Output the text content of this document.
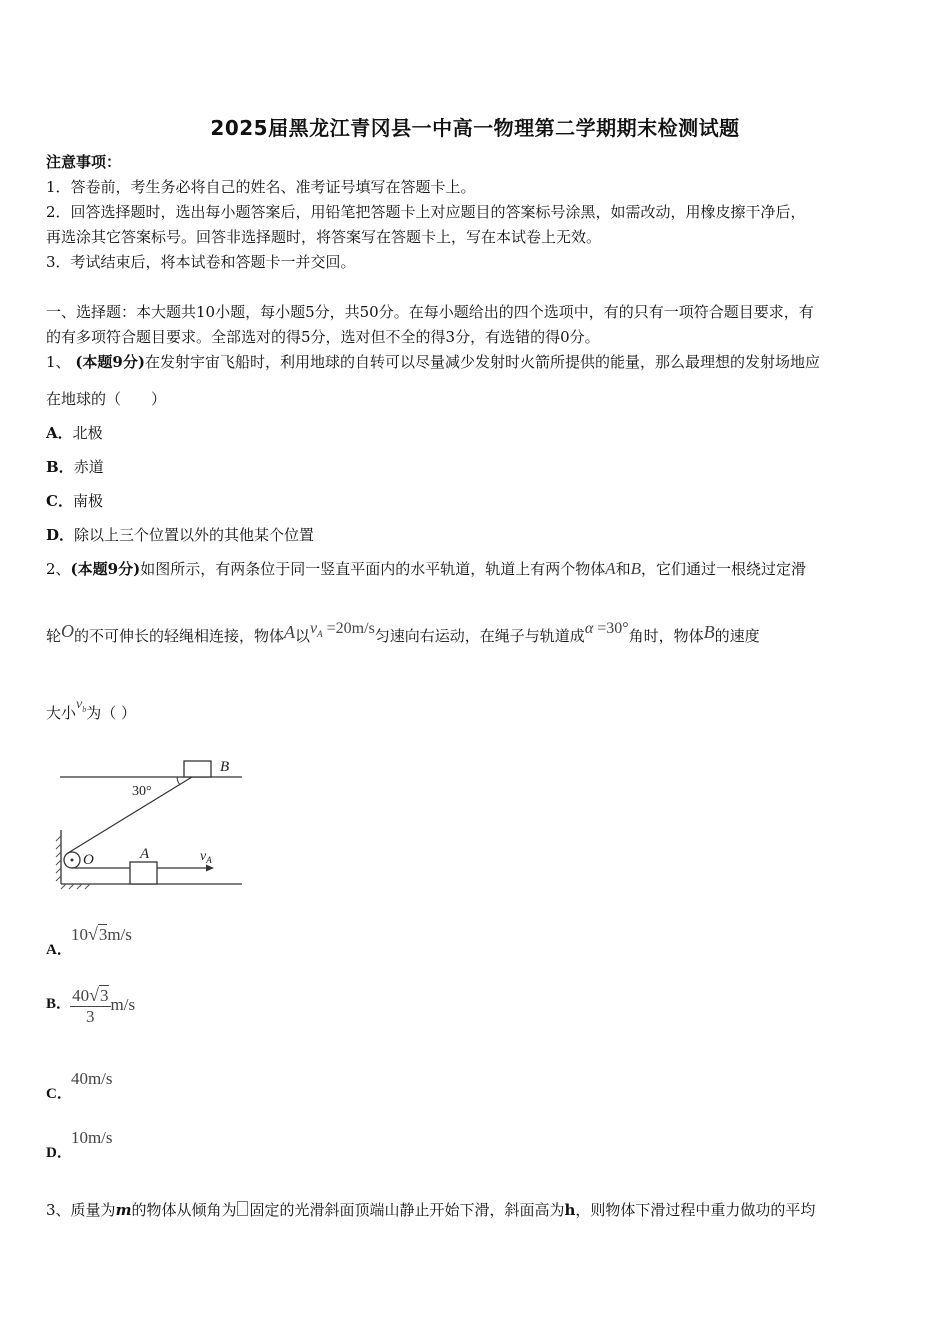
2025届黑龙江青冈县一中高一物理第二学期期末检测试题
注意事项：
1．答卷前，考生务必将自己的姓名、准考证号填写在答题卡上。
2．回答选择题时，选出每小题答案后，用铅笔把答题卡上对应题目的答案标号涂黑，如需改动，用橡皮擦干净后，
再选涂其它答案标号。回答非选择题时，将答案写在答题卡上，写在本试卷上无效。
3．考试结束后，将本试卷和答题卡一并交回。
一、选择题：本大题共10小题，每小题5分，共50分。在每小题给出的四个选项中，有的只有一项符合题目要求，有
的有多项符合题目要求。全部选对的得5分，选对但不全的得3分，有选错的得0分。
1、 (本题9分)在发射宇宙飞船时，利用地球的自转可以尽量减少发射时火箭所提供的能量，那么最理想的发射场地应
在地球的（　　）
A．北极
B．赤道
C．南极
D．除以上三个位置以外的其他某个位置
2、(本题9分)如图所示，有两条位于同一竖直平面内的水平轨道，轨道上有两个物体A和B，它们通过一根绕过定滑
轮O的不可伸长的轻绳相连接，物体A以$v_A =20m/s$匀速向右运动，在绳子与轨道成α =30°角时，物体B的速度
大小$v_b$为（ ）
B
O
30°
A	$v_A$
A． 10√3m/s
B． $\frac{40√3}{3} m/s$
C． 40m/s
D． 10m/s
3、质量为m的物体从倾角为 固定的光滑斜面顶端山静止开始下滑，斜面高为h，则物体下滑过程中重力做功的平均
